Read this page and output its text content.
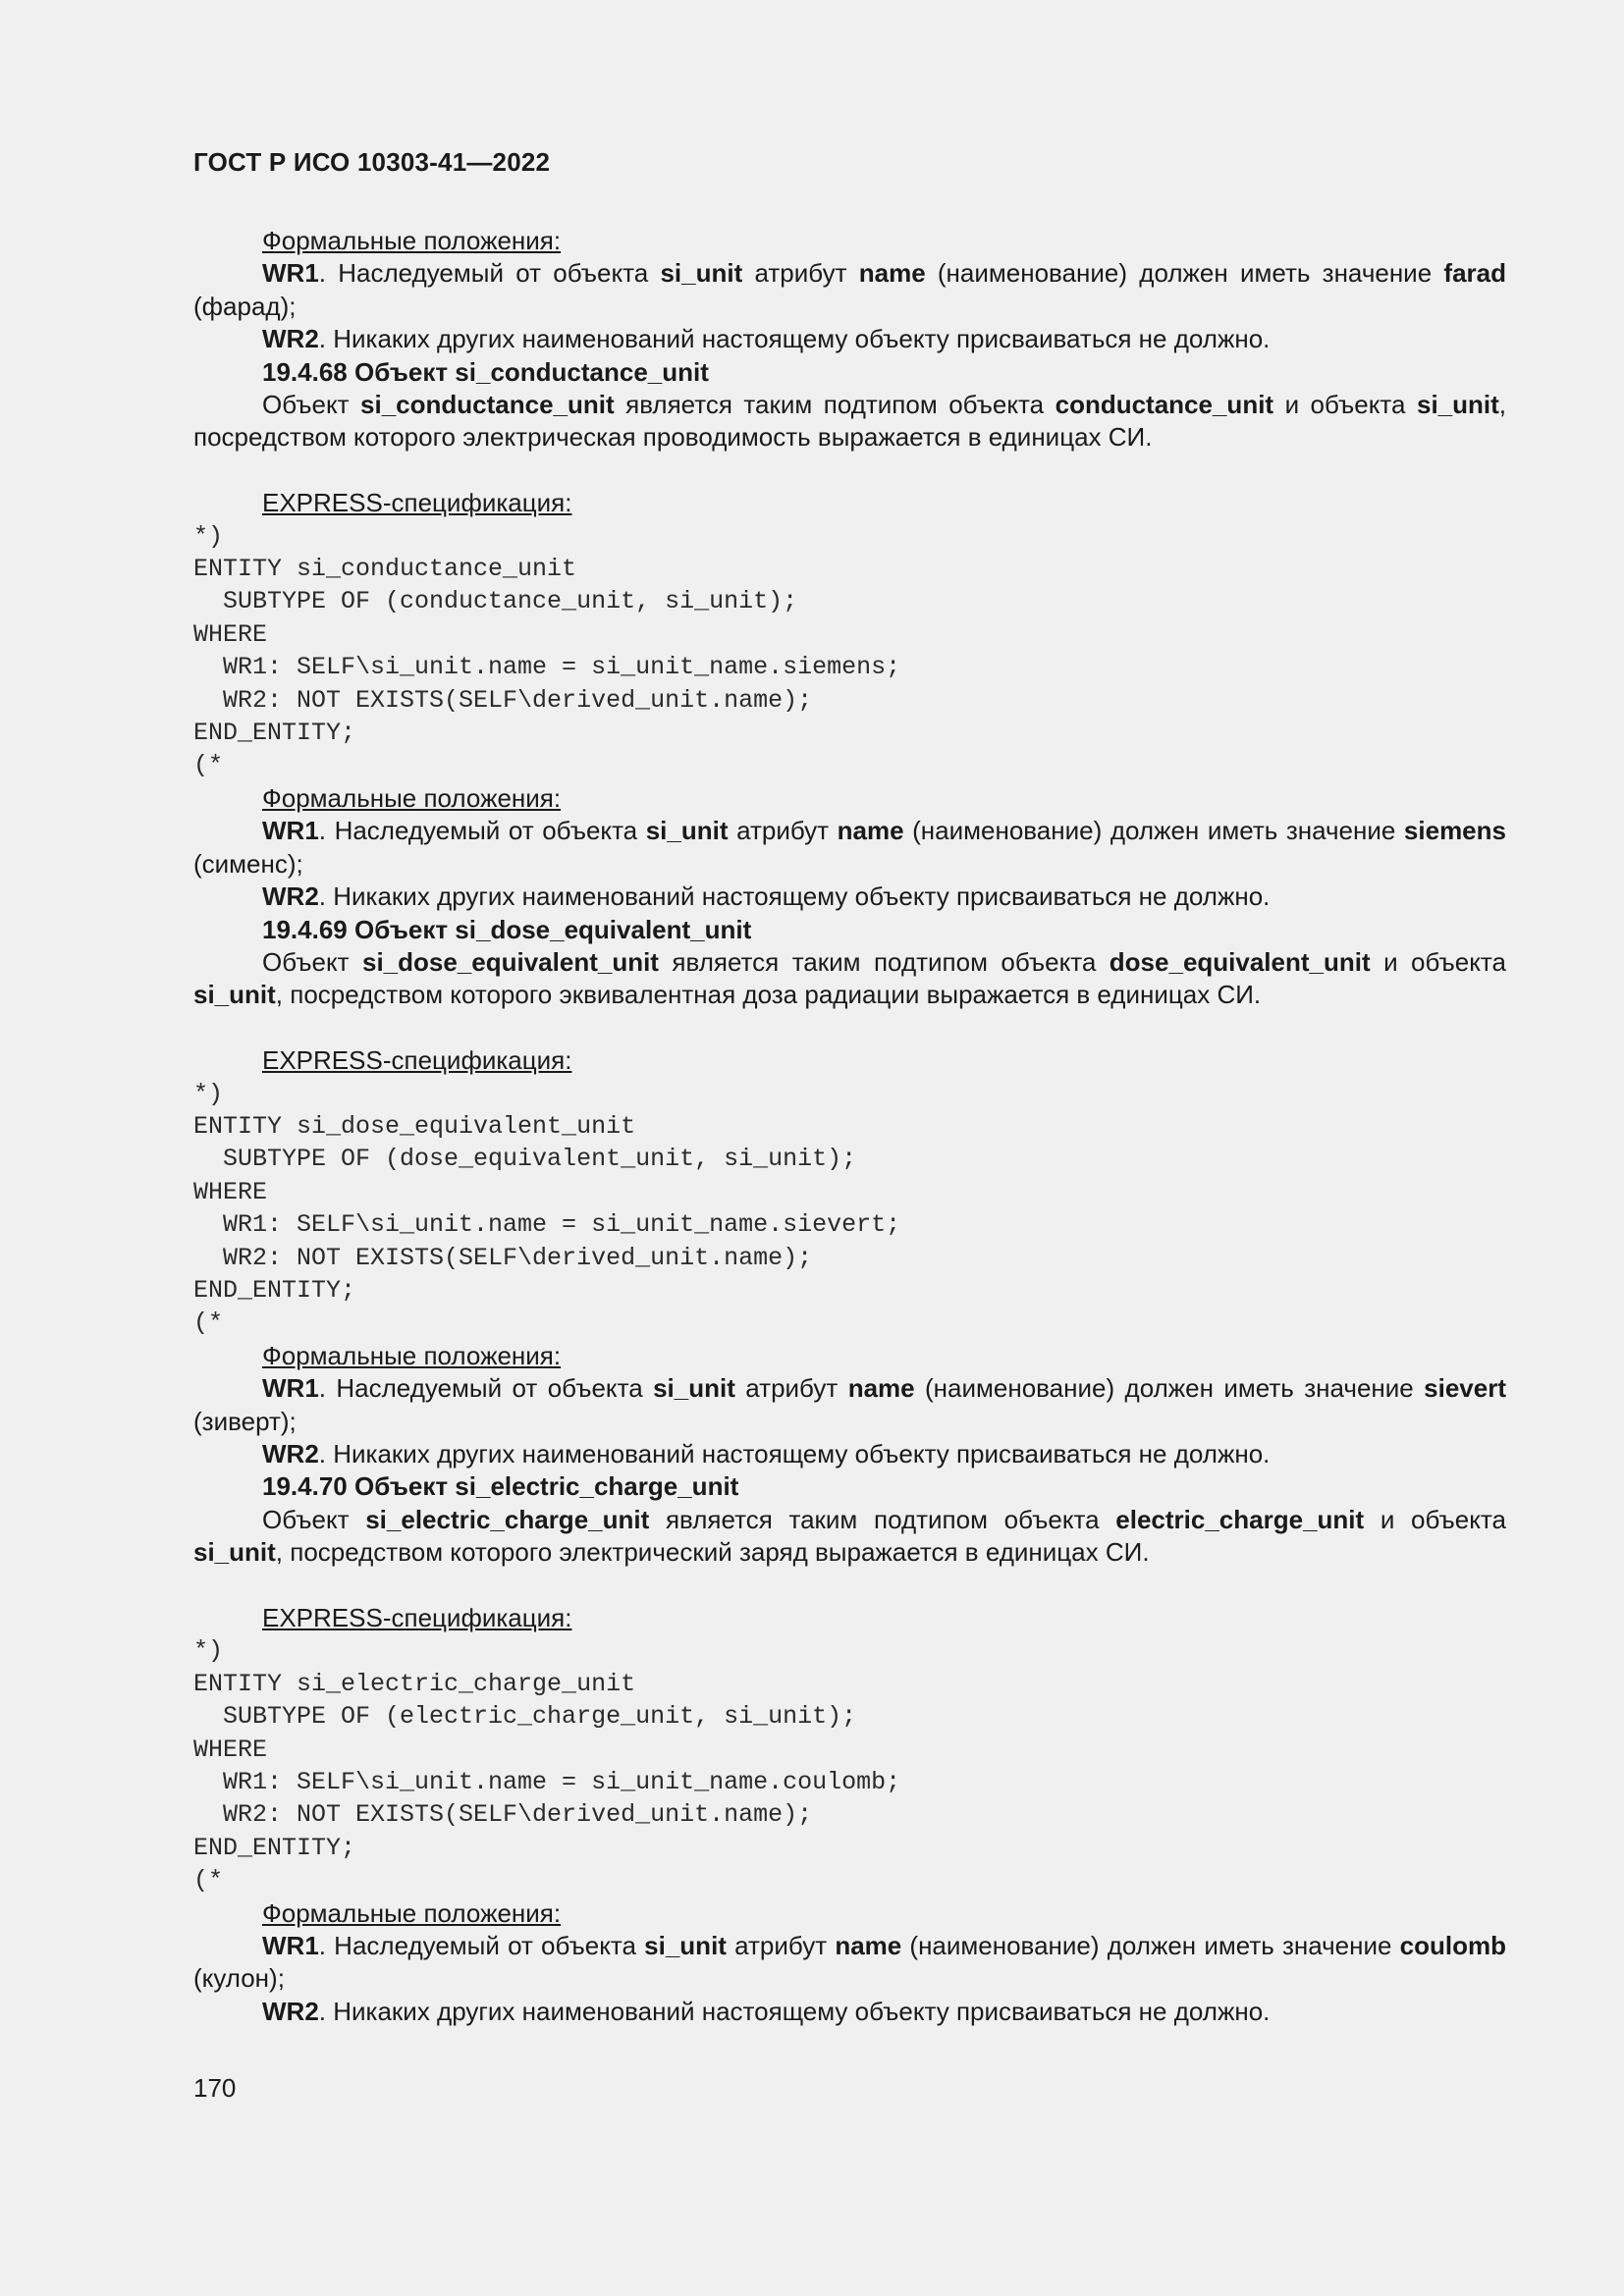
ГОСТ Р ИСО 10303-41—2022

Формальные положения:

WR1. Наследуемый от объекта si_unit атрибут name (наименование) должен иметь значение farad (фарад);

WR2. Никаких других наименований настоящему объекту присваиваться не должно.

19.4.68 Объект si_conductance_unit

Объект si_conductance_unit является таким подтипом объекта conductance_unit и объекта si_unit, посредством которого электрическая проводимость выражается в единицах СИ.

EXPRESS-спецификация:

*)
ENTITY si_conductance_unit
SUBTYPE OF (conductance_unit, si_unit);
WHERE
WR1: SELF\si_unit.name = si_unit_name.siemens;
WR2: NOT EXISTS(SELF\derived_unit.name);
END_ENTITY;
(*

Формальные положения:

WR1. Наследуемый от объекта si_unit атрибут name (наименование) должен иметь значение siemens (сименс);

WR2. Никаких других наименований настоящему объекту присваиваться не должно.

19.4.69 Объект si_dose_equivalent_unit

Объект si_dose_equivalent_unit является таким подтипом объекта dose_equivalent_unit и объекта si_unit, посредством которого эквивалентная доза радиации выражается в единицах СИ.

EXPRESS-спецификация:

*)
ENTITY si_dose_equivalent_unit
SUBTYPE OF (dose_equivalent_unit, si_unit);
WHERE
WR1: SELF\si_unit.name = si_unit_name.sievert;
WR2: NOT EXISTS(SELF\derived_unit.name);
END_ENTITY;
(*

Формальные положения:

WR1. Наследуемый от объекта si_unit атрибут name (наименование) должен иметь значение sievert (зиверт);

WR2. Никаких других наименований настоящему объекту присваиваться не должно.

19.4.70 Объект si_electric_charge_unit

Объект si_electric_charge_unit является таким подтипом объекта electric_charge_unit и объекта si_unit, посредством которого электрический заряд выражается в единицах СИ.

EXPRESS-спецификация:

*)
ENTITY si_electric_charge_unit
SUBTYPE OF (electric_charge_unit, si_unit);
WHERE
WR1: SELF\si_unit.name = si_unit_name.coulomb;
WR2: NOT EXISTS(SELF\derived_unit.name);
END_ENTITY;
(*

Формальные положения:

WR1. Наследуемый от объекта si_unit атрибут name (наименование) должен иметь значение coulomb (кулон);

WR2. Никаких других наименований настоящему объекту присваиваться не должно.

170
